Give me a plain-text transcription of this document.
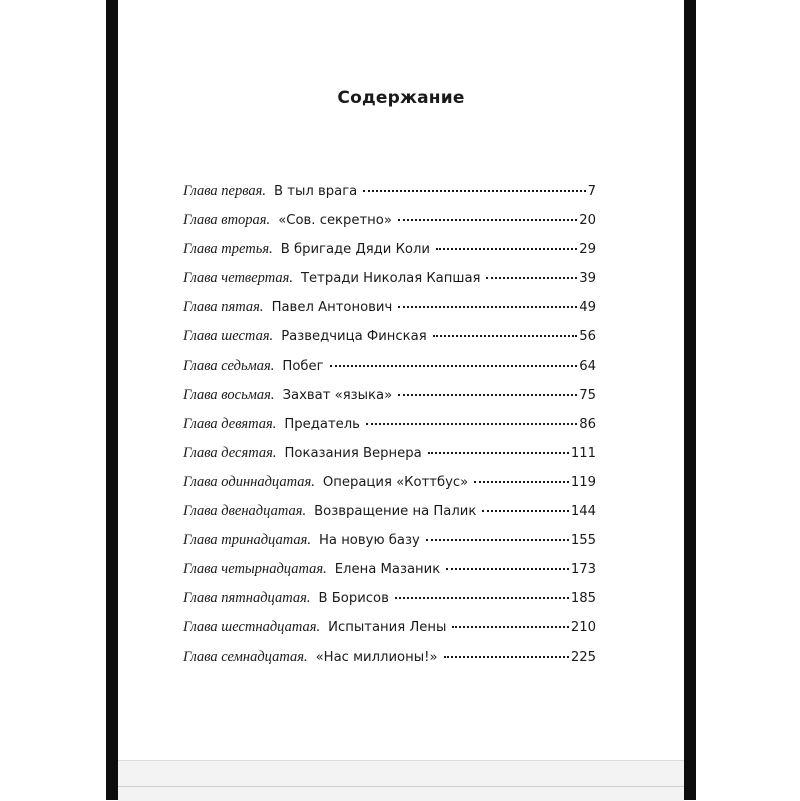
Содержание
Глава первая. В тыл врага	7
Глава вторая. «Сов. секретно»	20
Глава третья. В бригаде Дяди Коли	29
Глава четвертая. Тетради Николая Капшая	39
Глава пятая. Павел Антонович	49
Глава шестая. Разведчица Финская	56
Глава седьмая. Побег	64
Глава восьмая. Захват «языка»	75
Глава девятая. Предатель	86
Глава десятая. Показания Вернера	111
Глава одиннадцатая. Операция «Коттбус»	119
Глава двенадцатая. Возвращение на Палик	144
Глава тринадцатая. На новую базу	155
Глава четырнадцатая. Елена Мазаник	173
Глава пятнадцатая. В Борисов	185
Глава шестнадцатая. Испытания Лены	210
Глава семнадцатая. «Нас миллионы!»	225
